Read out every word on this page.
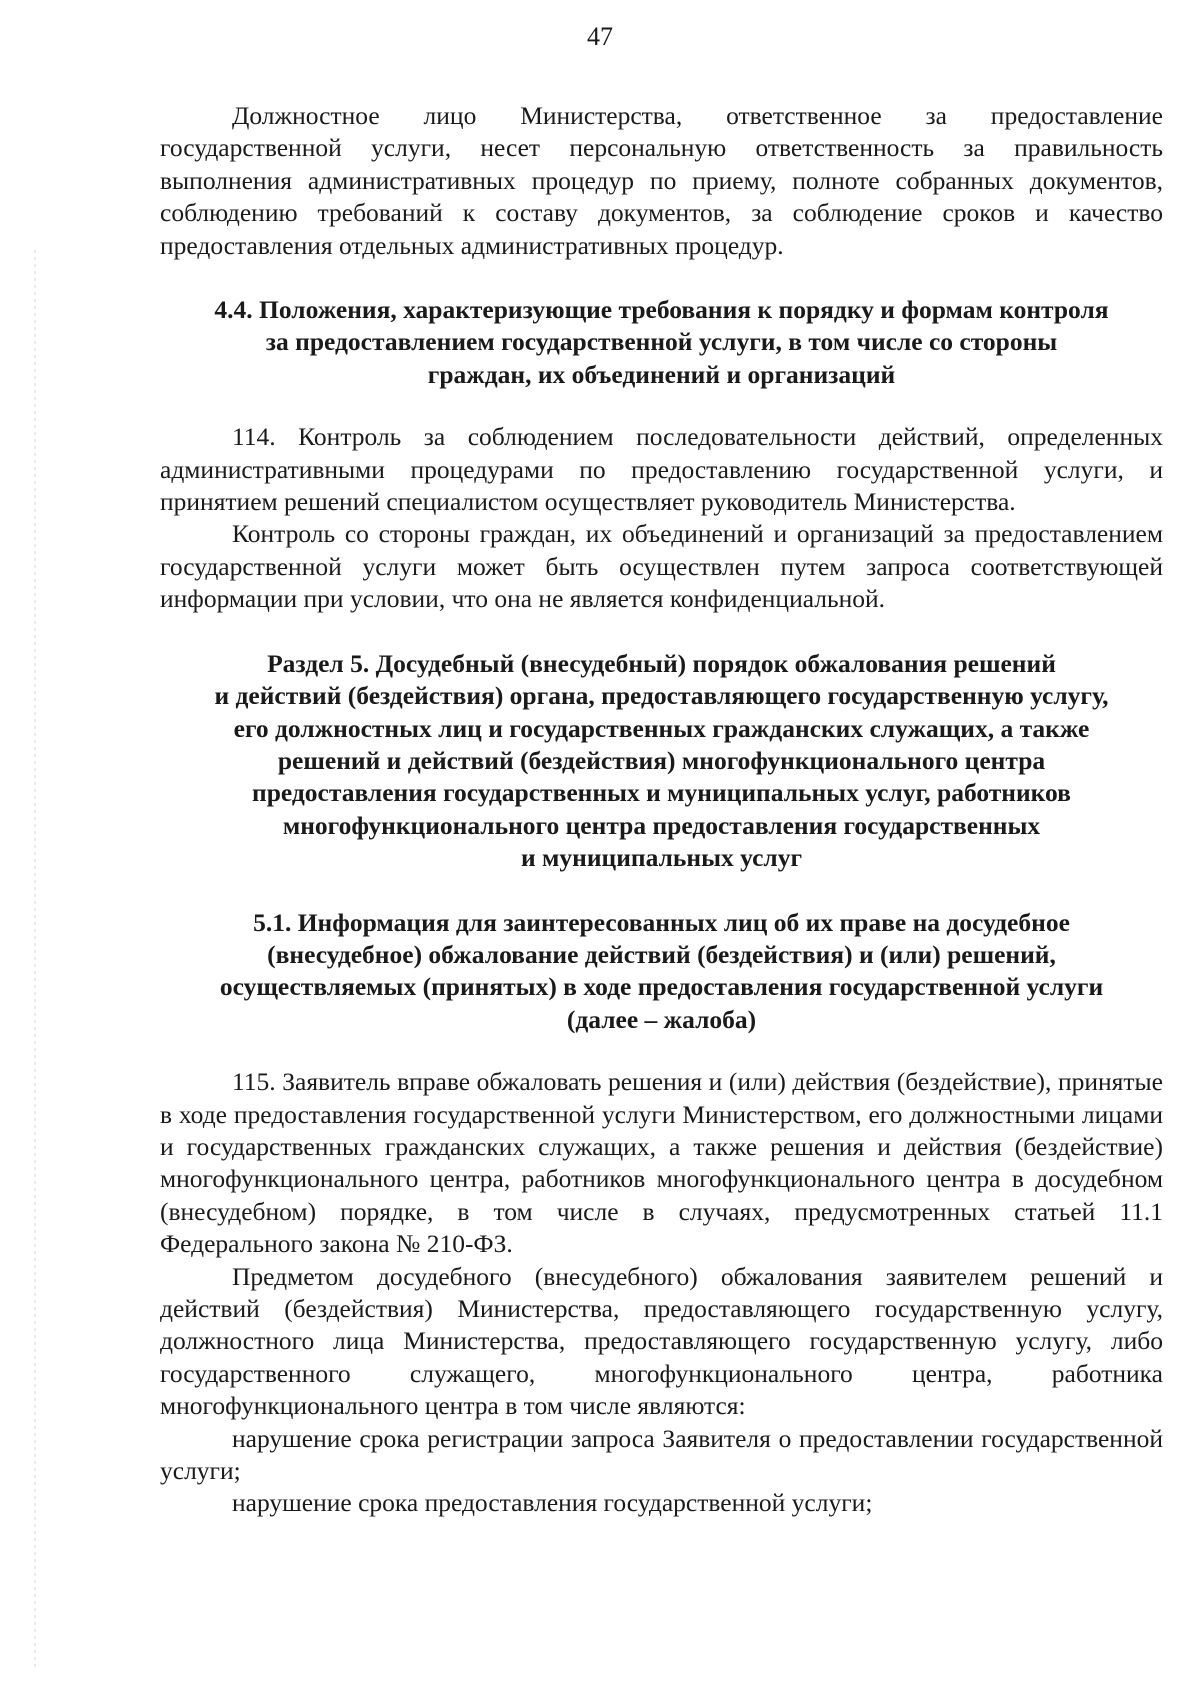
47

Должностное лицо Министерства, ответственное за предоставление государственной услуги, несет персональную ответственность за правильность выполнения административных процедур по приему, полноте собранных документов, соблюдению требований к составу документов, за соблюдение сроков и качество предоставления отдельных административных процедур.

4.4. Положения, характеризующие требования к порядку и формам контроля
за предоставлением государственной услуги, в том числе со стороны
граждан, их объединений и организаций

114. Контроль за соблюдением последовательности действий, определенных административными процедурами по предоставлению государственной услуги, и принятием решений специалистом осуществляет руководитель Министерства.

Контроль со стороны граждан, их объединений и организаций за предоставлением государственной услуги может быть осуществлен путем запроса соответствующей информации при условии, что она не является конфиденциальной.

Раздел 5. Досудебный (внесудебный) порядок обжалования решений
и действий (бездействия) органа, предоставляющего государственную услугу,
его должностных лиц и государственных гражданских служащих, а также
решений и действий (бездействия) многофункционального центра
предоставления государственных и муниципальных услуг, работников
многофункционального центра предоставления государственных
и муниципальных услуг
5.1. Информация для заинтересованных лиц об их праве на досудебное
(внесудебное) обжалование действий (бездействия) и (или) решений,
осуществляемых (принятых) в ходе предоставления государственной услуги
(далее – жалоба)

115. Заявитель вправе обжаловать решения и (или) действия (бездействие), принятые в ходе предоставления государственной услуги Министерством, его должностными лицами и государственных гражданских служащих, а также решения и действия (бездействие) многофункционального центра, работников многофункционального центра в досудебном (внесудебном) порядке, в том числе в случаях, предусмотренных статьей 11.1 Федерального закона № 210-ФЗ.

Предметом досудебного (внесудебного) обжалования заявителем решений и действий (бездействия) Министерства, предоставляющего государственную услугу, должностного лица Министерства, предоставляющего государственную услугу, либо государственного служащего, многофункционального центра, работника многофункционального центра в том числе являются:

нарушение срока регистрации запроса Заявителя о предоставлении государственной услуги;

нарушение срока предоставления государственной услуги;
